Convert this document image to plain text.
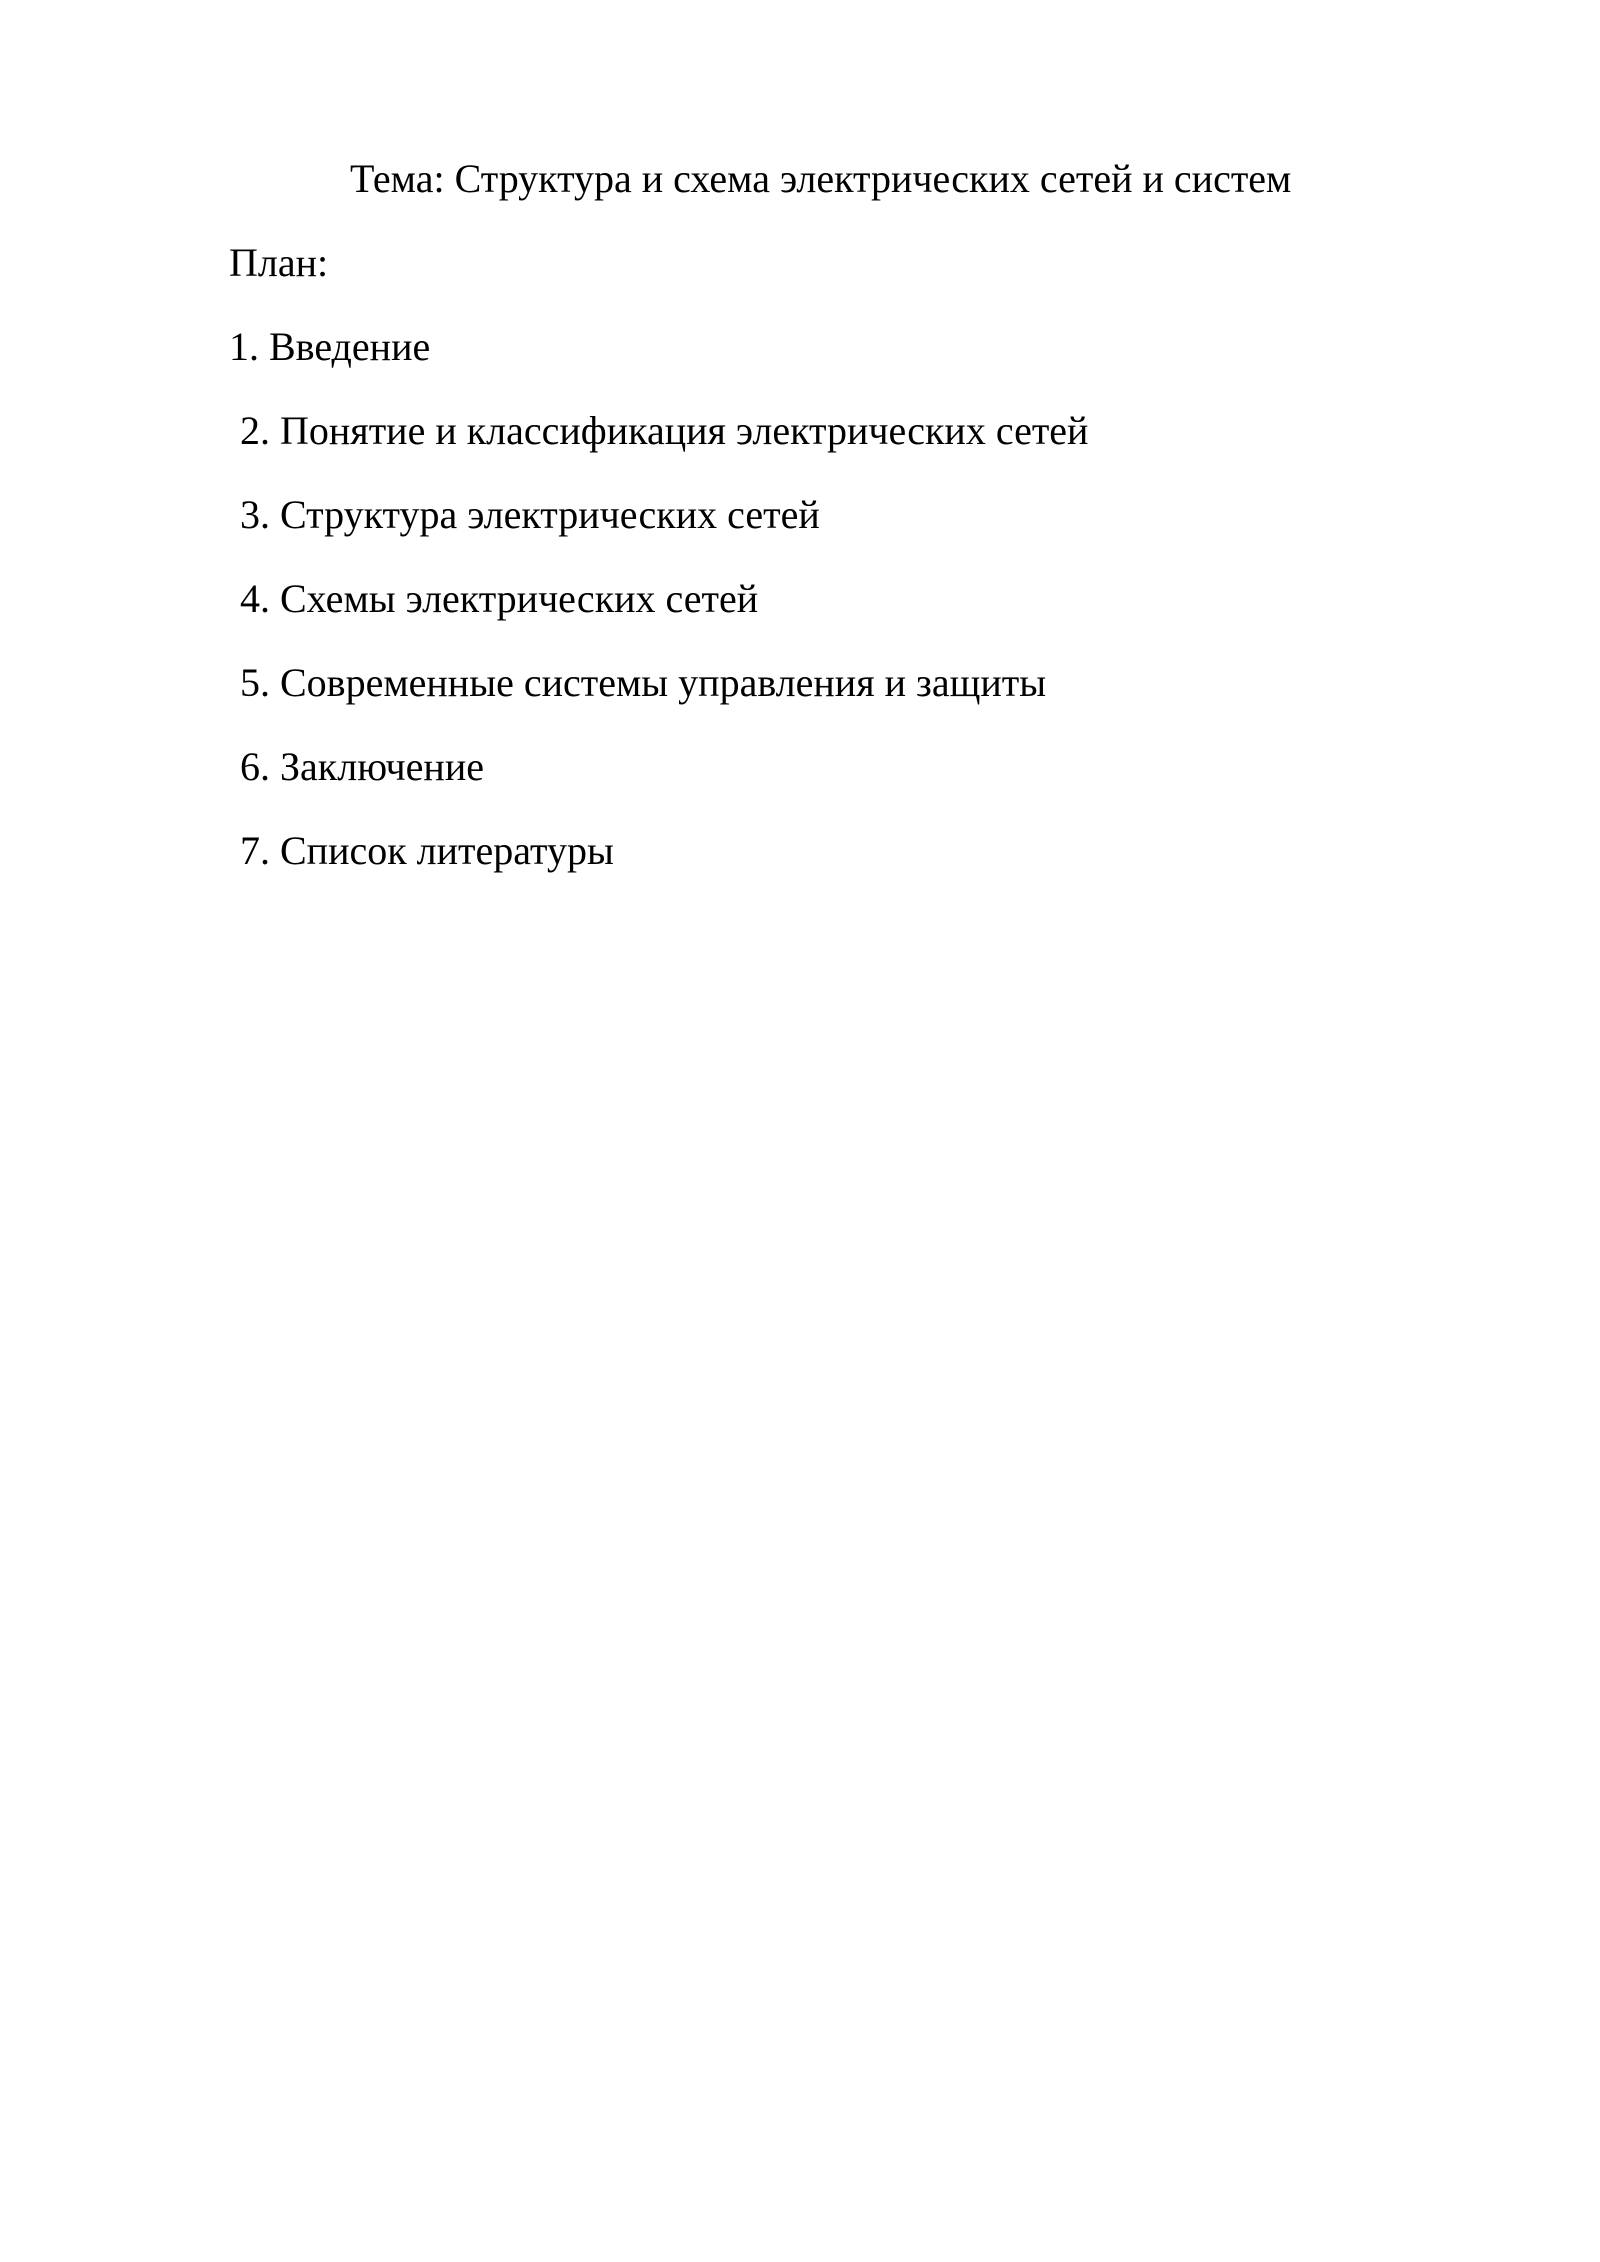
Тема: Структура и схема электрических сетей и систем
План:
1. Введение
2. Понятие и классификация электрических сетей
3. Структура электрических сетей
4. Схемы электрических сетей
5. Современные системы управления и защиты
6. Заключение
7. Список литературы
